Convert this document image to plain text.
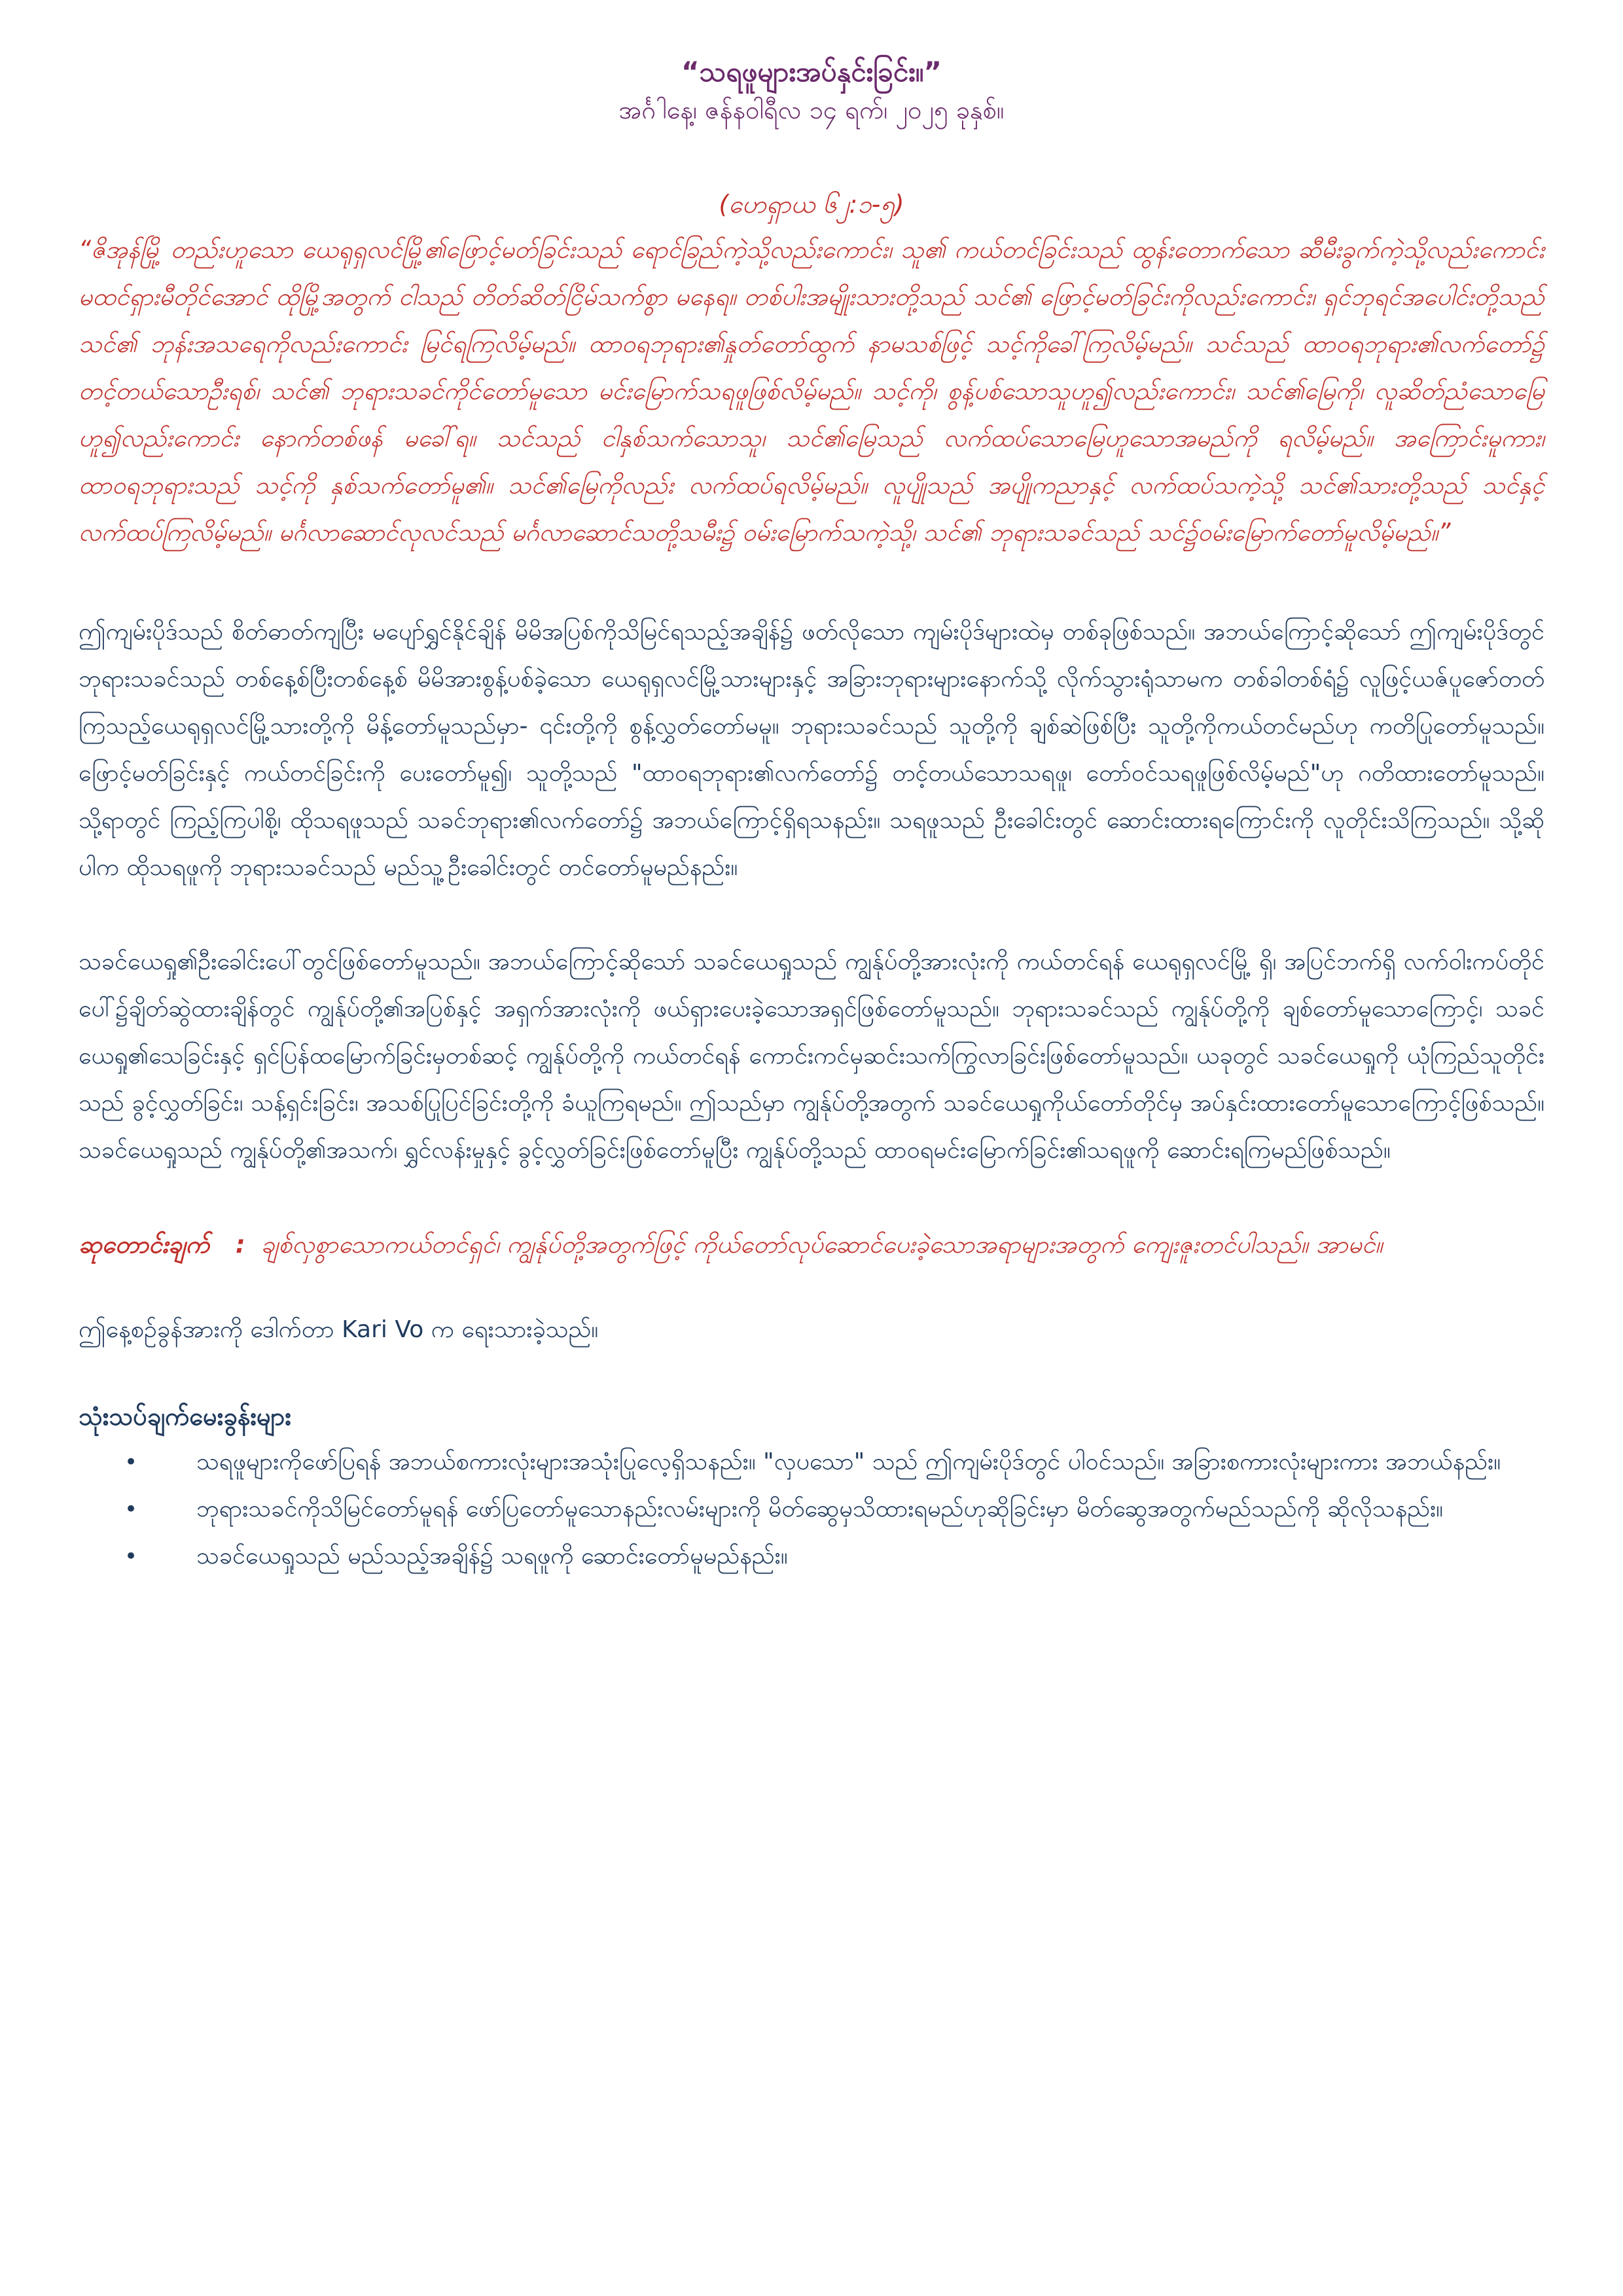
“သရဖူများအပ်နှင်းခြင်း။”

အင်္ဂါနေ့၊ ဇန်နဝါရီလ ၁၄ ရက်၊ ၂၀၂၅ ခုနှစ်။

(ဟေရှာယ ၆၂:၁-၅)

“ဇိအုန်မြို့ တည်းဟူသော ယေရုရှလင်မြို့၏ဖြောင့်မတ်ခြင်းသည် ရောင်ခြည်ကဲ့သို့လည်းကောင်း၊ သူ၏ ကယ်တင်ခြင်းသည် ထွန်းတောက်သော ဆီမီးခွက်ကဲ့သို့လည်းကောင်း မထင်ရှားမီတိုင်အောင် ထိုမြို့အတွက် ငါသည် တိတ်ဆိတ်ငြိမ်သက်စွာ မနေရ။ တစ်ပါးအမျိုးသားတို့သည် သင်၏ ဖြောင့်မတ်ခြင်းကိုလည်းကောင်း၊ ရှင်ဘုရင်အပေါင်းတို့သည် သင်၏ ဘုန်းအသရေကိုလည်းကောင်း မြင်ရကြလိမ့်မည်။ ထာဝရဘုရား၏နှုတ်တော်ထွက် နာမသစ်ဖြင့် သင့်ကိုခေါ်ကြလိမ့်မည်။ သင်သည် ထာဝရဘုရား၏လက်တော်၌ တင့်တယ်သောဦးရစ်၊ သင်၏ ဘုရားသခင်ကိုင်တော်မူသော မင်းမြောက်သရဖူဖြစ်လိမ့်မည်။ သင့်ကို၊ စွန့်ပစ်သောသူဟူ၍လည်းကောင်း၊ သင်၏မြေကို၊ လူဆိတ်ညံသောမြေဟူ၍လည်းကောင်း နောက်တစ်ဖန် မခေါ်ရ။ သင်သည် ငါနှစ်သက်သောသူ၊ သင်၏မြေသည် လက်ထပ်သောမြေဟူသောအမည်ကို ရလိမ့်မည်။ အကြောင်းမူကား၊ ထာဝရဘုရားသည် သင့်ကို နှစ်သက်တော်မူ၏။ သင်၏မြေကိုလည်း လက်ထပ်ရလိမ့်မည်။ လူပျိုသည် အပျိုကညာနှင့် လက်ထပ်သကဲ့သို့ သင်၏သားတို့သည် သင်နှင့် လက်ထပ်ကြလိမ့်မည်။ မင်္ဂလာဆောင်လုလင်သည် မင်္ဂလာဆောင်သတို့သမီး၌ ဝမ်းမြောက်သကဲ့သို့၊ သင်၏ ဘုရားသခင်သည် သင်၌ဝမ်းမြောက်တော်မူလိမ့်မည်။”

ဤကျမ်းပိုဒ်သည် စိတ်ဓာတ်ကျပြီး မပျော်ရွှင်နိုင်ချိန် မိမိအပြစ်ကိုသိမြင်ရသည့်အချိန်၌ ဖတ်လိုသော ကျမ်းပိုဒ်များထဲမှ တစ်ခုဖြစ်သည်။ အဘယ်ကြောင့်ဆိုသော် ဤကျမ်းပိုဒ်တွင် ဘုရားသခင်သည် တစ်နေ့စ်ပြီးတစ်နေ့စ် မိမိအားစွန့်ပစ်ခဲ့သော ယေရုရှလင်မြို့သားများနှင့် အခြားဘုရားများနောက်သို့ လိုက်သွားရုံသာမက တစ်ခါတစ်ရံ၌ လူဖြင့်ယဇ်ပူဇော်တတ်ကြသည့်ယေရုရှလင်မြို့သားတို့ကို မိန့်တော်မူသည်မှာ- ၎င်းတို့ကို စွန့်လွှတ်တော်မမူ။ ဘုရားသခင်သည် သူတို့ကို ချစ်ဆဲဖြစ်ပြီး သူတို့ကိုကယ်တင်မည်ဟု ကတိပြုတော်မူသည်။ ဖြောင့်မတ်ခြင်းနှင့် ကယ်တင်ခြင်းကို ပေးတော်မူ၍၊ သူတို့သည် "ထာဝရဘုရား၏လက်တော်၌ တင့်တယ်သောသရဖူ၊ တော်ဝင်သရဖူဖြစ်လိမ့်မည်"ဟု ဂတိထားတော်မူသည်။ သို့ရာတွင် ကြည့်ကြပါစို့၊ ထိုသရဖူသည် သခင်ဘုရား၏လက်တော်၌ အဘယ်ကြောင့်ရှိရသနည်း။ သရဖူသည် ဦးခေါင်းတွင် ဆောင်းထားရကြောင်းကို လူတိုင်းသိကြသည်။ သို့ဆိုပါက ထိုသရဖူကို ဘုရားသခင်သည် မည်သူ့ဦးခေါင်းတွင် တင်တော်မူမည်နည်း။

သခင်ယေရှု၏ဦးခေါင်းပေါ်တွင်ဖြစ်တော်မူသည်။ အဘယ်ကြောင့်ဆိုသော် သခင်ယေရှုသည် ကျွန်ုပ်တို့အားလုံးကို ကယ်တင်ရန် ယေရုရှလင်မြို့ ရှိ၊ အပြင်ဘက်ရှိ လက်ဝါးကပ်တိုင်ပေါ်၌ချိတ်ဆွဲထားချိန်တွင် ကျွန်ုပ်တို့၏အပြစ်နှင့် အရှက်အားလုံးကို ဖယ်ရှားပေးခဲ့သောအရှင်ဖြစ်တော်မူသည်။ ဘုရားသခင်သည် ကျွန်ုပ်တို့ကို ချစ်တော်မူသောကြောင့်၊ သခင်ယေရှု၏သေခြင်းနှင့် ရှင်ပြန်ထမြောက်ခြင်းမှတစ်ဆင့် ကျွန်ုပ်တို့ကို ကယ်တင်ရန် ကောင်းကင်မှဆင်းသက်ကြွလာခြင်းဖြစ်တော်မူသည်။ ယခုတွင် သခင်ယေရှုကို ယုံကြည်သူတိုင်းသည် ခွင့်လွှတ်ခြင်း၊ သန့်ရှင်းခြင်း၊ အသစ်ပြုပြင်ခြင်းတို့ကို ခံယူကြရမည်။ ဤသည်မှာ ကျွန်ုပ်တို့အတွက် သခင်ယေရှုကိုယ်တော်တိုင်မှ အပ်နှင်းထားတော်မူသောကြောင့်ဖြစ်သည်။ သခင်ယေရှုသည် ကျွန်ုပ်တို့၏အသက်၊ ရွှင်လန်းမှုနှင့် ခွင့်လွှတ်ခြင်းဖြစ်တော်မူပြီး ကျွန်ုပ်တို့သည် ထာဝရမင်းမြောက်ခြင်း၏သရဖူကို ဆောင်းရကြမည်ဖြစ်သည်။

ဆုတောင်းချက် : ချစ်လှစွာသောကယ်တင်ရှင်၊ ကျွန်ုပ်တို့အတွက်ဖြင့် ကိုယ်တော်လုပ်ဆောင်ပေးခဲ့သောအရာများအတွက် ကျေးဇူးတင်ပါသည်။ အာမင်။

ဤနေ့စဉ်ခွန်အားကို ဒေါက်တာ Kari Vo က ရေးသားခဲ့သည်။

သုံးသပ်ချက်မေးခွန်းများ

• သရဖူများကိုဖော်ပြရန် အဘယ်စကားလုံးများအသုံးပြုလေ့ရှိသနည်း။ "လှပသော" သည် ဤကျမ်းပိုဒ်တွင် ပါဝင်သည်။ အခြားစကားလုံးများကား အဘယ်နည်း။
• ဘုရားသခင်ကိုသိမြင်တော်မူရန် ဖော်ပြတော်မူသောနည်းလမ်းများကို မိတ်ဆွေမှသိထားရမည်ဟုဆိုခြင်းမှာ မိတ်ဆွေအတွက်မည်သည်ကို ဆိုလိုသနည်း။
• သခင်ယေရှုသည် မည်သည့်အချိန်၌ သရဖူကို ဆောင်းတော်မူမည်နည်း။
